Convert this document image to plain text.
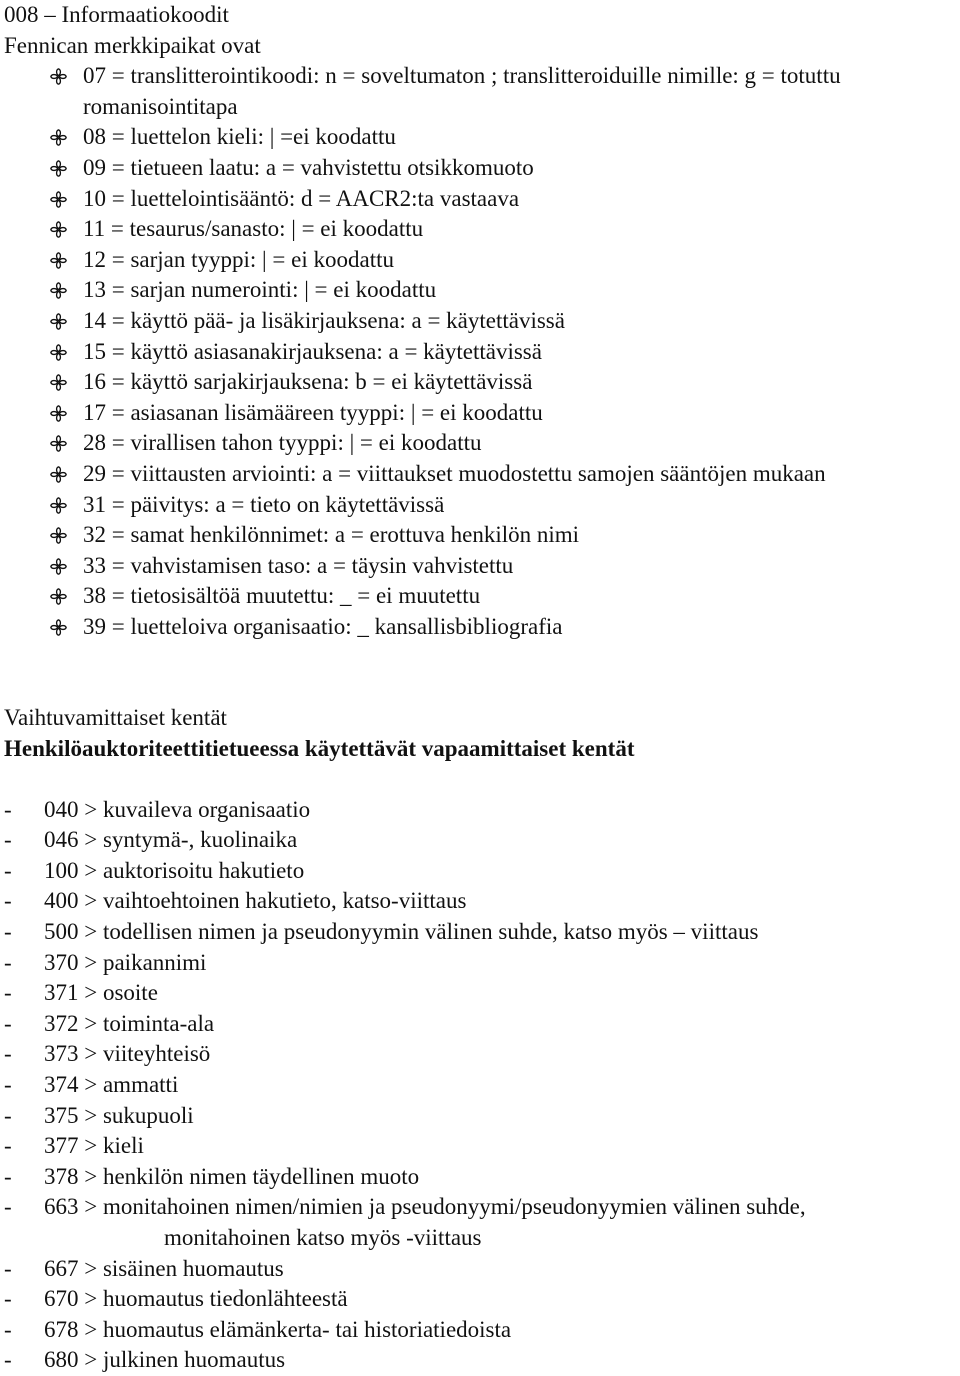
008 – Informaatiokoodit
Fennican merkkipaikat ovat
07 = translitterointikoodi: n = soveltumaton ; translitteroiduille nimille: g = totuttu romanisointitapa
08 = luettelon kieli: | =ei koodattu
09 = tietueen laatu: a = vahvistettu otsikkomuoto
10 = luettelointisääntö: d = AACR2:ta vastaava
11 = tesaurus/sanasto: | = ei koodattu
12 = sarjan tyyppi: | = ei koodattu
13 = sarjan numerointi: | = ei koodattu
14 = käyttö pää- ja lisäkirjauksena: a = käytettävissä
15 = käyttö asiasanakirjauksena: a = käytettävissä
16 = käyttö sarjakirjauksena: b = ei käytettävissä
17 = asiasanan lisämääreen tyyppi: | = ei koodattu
28 = virallisen tahon tyyppi: | = ei koodattu
29 = viittausten arviointi: a = viittaukset muodostettu samojen sääntöjen mukaan
31 = päivitys: a = tieto on käytettävissä
32 = samat henkilönnimet: a = erottuva henkilön nimi
33 = vahvistamisen taso: a = täysin vahvistettu
38 = tietosisältöä muutettu: _ = ei muutettu
39 = luetteloiva organisaatio: _ kansallisbibliografia
Vaihtuvamittaiset kentät
Henkilöauktoriteettitietueessa käytettävät vapaamittaiset kentät
- 040 > kuvaileva organisaatio
- 046 > syntymä-, kuolinaika
- 100 > auktorisoitu hakutieto
- 400 > vaihtoehtoinen hakutieto, katso-viittaus
- 500 > todellisen nimen ja pseudonyymin välinen suhde, katso myös – viittaus
- 370 > paikannimi
- 371 > osoite
- 372 > toiminta-ala
- 373 > viiteyhteisö
- 374 > ammatti
- 375 > sukupuoli
- 377 > kieli
- 378 > henkilön nimen täydellinen muoto
- 663 > monitahoinen nimen/nimien ja pseudonyymi/pseudonyymien välinen suhde,
monitahoinen katso myös -viittaus
- 667 > sisäinen huomautus
- 670 > huomautus tiedonlähteestä
- 678 > huomautus elämänkerta- tai historiatiedoista
- 680 > julkinen huomautus
